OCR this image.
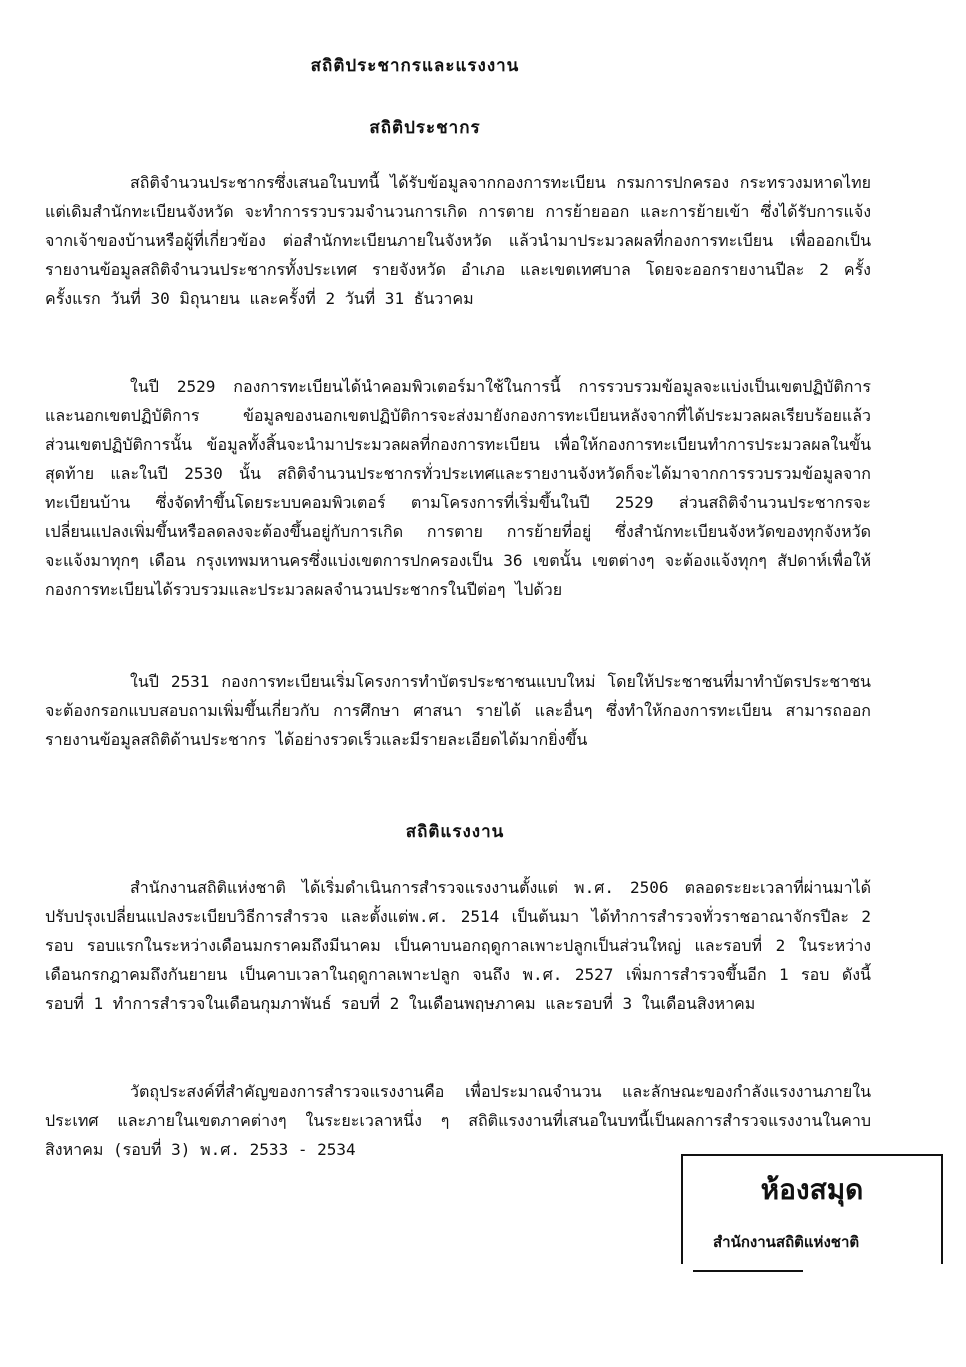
สถิติประชากรและแรงงาน
สถิติประชากร

สถิติจำนวนประชากรซึ่งเสนอในบทนี้ ได้รับข้อมูลจากกองการทะเบียน กรมการปกครอง กระทรวงมหาดไทย แต่เดิมสำนักทะเบียนจังหวัด จะทำการรวบรวมจำนวนการเกิด การตาย การย้ายออก และการย้ายเข้า ซึ่งได้รับการแจ้งจากเจ้าของบ้านหรือผู้ที่เกี่ยวข้อง ต่อสำนักทะเบียนภายในจังหวัด แล้วนำมาประมวลผลที่กองการทะเบียน เพื่อออกเป็นรายงานข้อมูลสถิติจำนวนประชากรทั้งประเทศ รายจังหวัด อำเภอ และเขตเทศบาล โดยจะออกรายงานปีละ 2 ครั้ง ครั้งแรก วันที่ 30 มิถุนายน และครั้งที่ 2 วันที่ 31 ธันวาคม

ในปี 2529 กองการทะเบียนได้นำคอมพิวเตอร์มาใช้ในการนี้ การรวบรวมข้อมูลจะแบ่งเป็นเขตปฏิบัติการและนอกเขตปฏิบัติการ ข้อมูลของนอกเขตปฏิบัติการจะส่งมายังกองการทะเบียนหลังจากที่ได้ประมวลผลเรียบร้อยแล้ว ส่วนเขตปฏิบัติการนั้น ข้อมูลทั้งสิ้นจะนำมาประมวลผลที่กองการทะเบียน เพื่อให้กองการทะเบียนทำการประมวลผลในขั้นสุดท้าย และในปี 2530 นั้น สถิติจำนวนประชากรทั่วประเทศและรายงานจังหวัดก็จะได้มาจากการรวบรวมข้อมูลจากทะเบียนบ้าน ซึ่งจัดทำขึ้นโดยระบบคอมพิวเตอร์ ตามโครงการที่เริ่มขึ้นในปี 2529 ส่วนสถิติจำนวนประชากรจะเปลี่ยนแปลงเพิ่มขึ้นหรือลดลงจะต้องขึ้นอยู่กับการเกิด การตาย การย้ายที่อยู่ ซึ่งสำนักทะเบียนจังหวัดของทุกจังหวัด จะแจ้งมาทุกๆ เดือน กรุงเทพมหานครซึ่งแบ่งเขตการปกครองเป็น 36 เขตนั้น เขตต่างๆ จะต้องแจ้งทุกๆ สัปดาห์เพื่อให้กองการทะเบียนได้รวบรวมและประมวลผลจำนวนประชากรในปีต่อๆ ไปด้วย

ในปี 2531 กองการทะเบียนเริ่มโครงการทำบัตรประชาชนแบบใหม่ โดยให้ประชาชนที่มาทำบัตรประชาชนจะต้องกรอกแบบสอบถามเพิ่มขึ้นเกี่ยวกับ การศึกษา ศาสนา รายได้ และอื่นๆ ซึ่งทำให้กองการทะเบียน สามารถออกรายงานข้อมูลสถิติด้านประชากร ได้อย่างรวดเร็วและมีรายละเอียดได้มากยิ่งขึ้น

สถิติแรงงาน

สำนักงานสถิติแห่งชาติ ได้เริ่มดำเนินการสำรวจแรงงานตั้งแต่ พ.ศ. 2506 ตลอดระยะเวลาที่ผ่านมาได้ปรับปรุงเปลี่ยนแปลงระเบียบวิธีการสำรวจ และตั้งแต่พ.ศ. 2514 เป็นต้นมา ได้ทำการสำรวจทั่วราชอาณาจักรปีละ 2 รอบ รอบแรกในระหว่างเดือนมกราคมถึงมีนาคม เป็นคาบนอกฤดูกาลเพาะปลูกเป็นส่วนใหญ่ และรอบที่ 2 ในระหว่างเดือนกรกฎาคมถึงกันยายน เป็นคาบเวลาในฤดูกาลเพาะปลูก จนถึง พ.ศ. 2527 เพิ่มการสำรวจขึ้นอีก 1 รอบ ดังนี้ รอบที่ 1 ทำการสำรวจในเดือนกุมภาพันธ์ รอบที่ 2 ในเดือนพฤษภาคม และรอบที่ 3 ในเดือนสิงหาคม

วัตถุประสงค์ที่สำคัญของการสำรวจแรงงานคือ เพื่อประมาณจำนวน และลักษณะของกำลังแรงงานภายในประเทศ และภายในเขตภาคต่างๆ ในระยะเวลาหนึ่ง ๆ สถิติแรงงานที่เสนอในบทนี้เป็นผลการสำรวจแรงงานในคาบ สิงหาคม (รอบที่ 3) พ.ศ. 2533 - 2534

ห้องสมุด
สำนักงานสถิติแห่งชาติ
